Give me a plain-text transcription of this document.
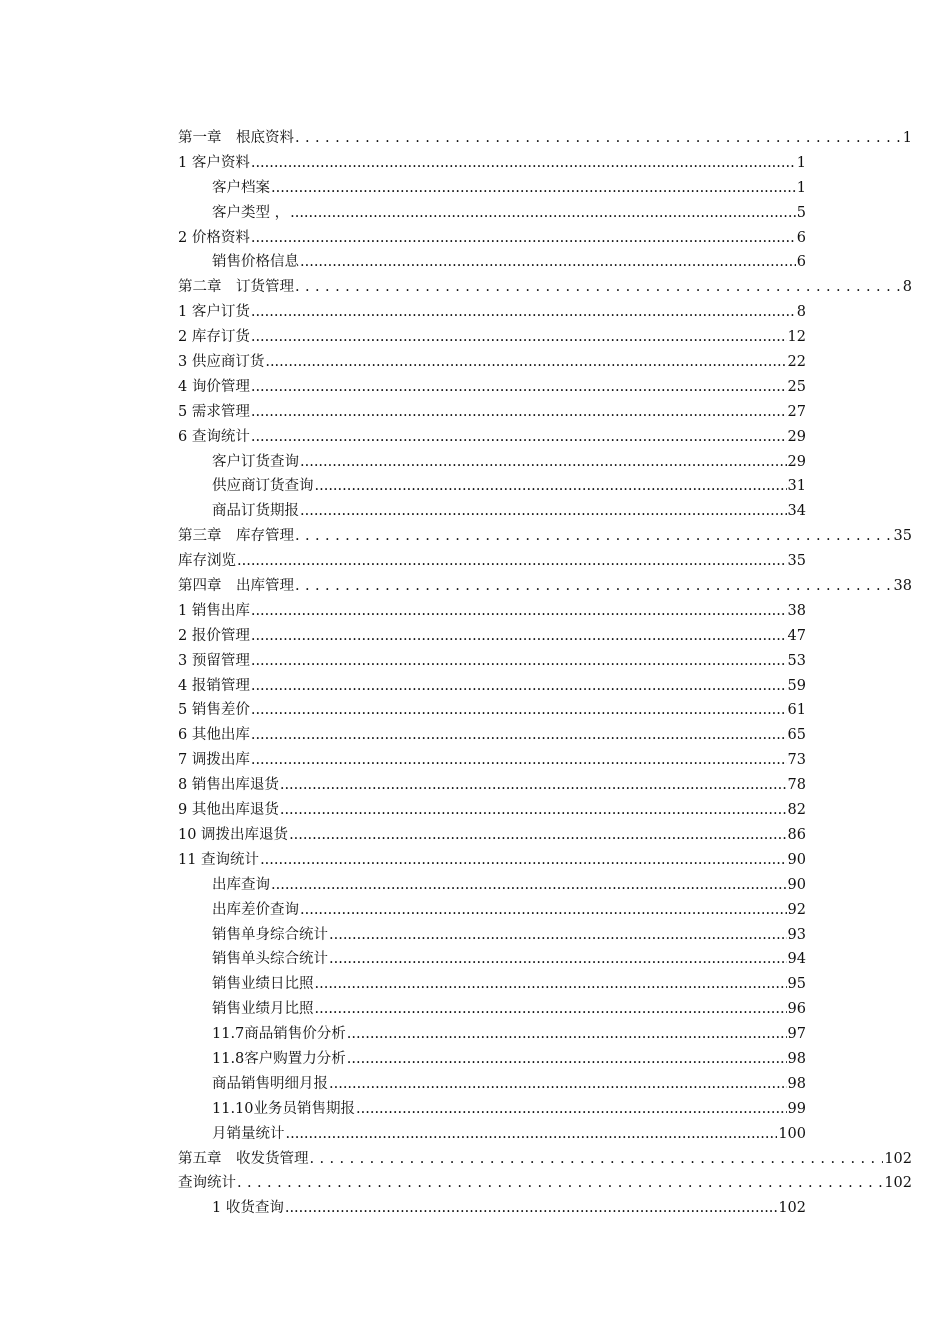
第一章　根底资料 . . .	1
1 客户资料 .....	1
客户档案 .....	1
客户类型 ， .....	5
2 价格资料 .....	6
销售价格信息 .....	6
第二章　订货管理 . . .	8
1 客户订货 .....	8
2 库存订货 .....	12
3 供应商订货 .....	22
4 询价管理 .....	25
5 需求管理 .....	27
6 查询统计 .....	29
客户订货查询 .....	29
供应商订货查询 .....	31
商品订货期报 .....	34
第三章　库存管理 . . .	35
库存浏览 .....	35
第四章　出库管理 . . .	38
1 销售出库 .....	38
2 报价管理 .....	47
3 预留管理 .....	53
4 报销管理 .....	59
5 销售差价 .....	61
6 其他出库 .....	65
7 调拨出库 .....	73
8 销售出库退货 .....	78
9 其他出库退货 .....	82
10 调拨出库退货 .....	86
11 查询统计 .....	90
出库查询 .....	90
出库差价查询 .....	92
销售单身综合统计 .....	93
销售单头综合统计 .....	94
销售业绩日比照 .....	95
销售业绩月比照 .....	96
11.7商品销售价分析 .....	97
11.8客户购置力分析 .....	98
商品销售明细月报 .....	98
11.10业务员销售期报 .....	99
月销量统计 .....	100
第五章　收发货管理 . . .	102
查询统计 . . .	102
1 收货查询 .....	102
